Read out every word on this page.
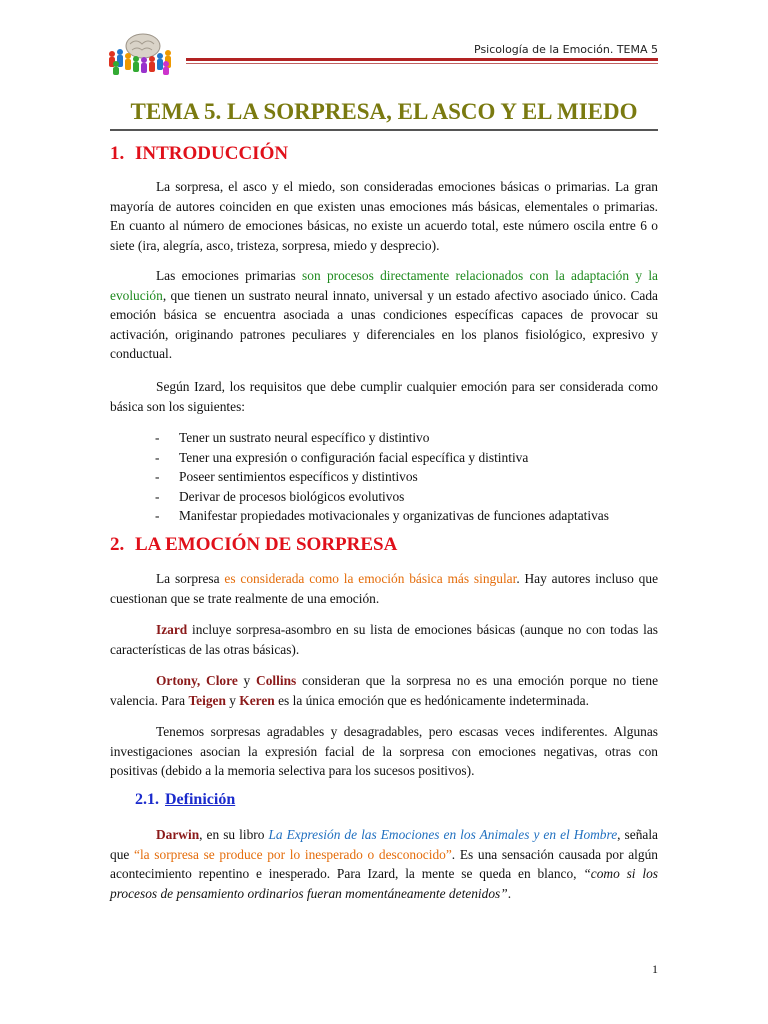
Psicología de la Emoción. TEMA 5
TEMA 5. LA SORPRESA, EL ASCO Y EL MIEDO
1. INTRODUCCIÓN
La sorpresa, el asco y el miedo, son consideradas emociones básicas o primarias. La gran mayoría de autores coinciden en que existen unas emociones más básicas, elementales o primarias. En cuanto al número de emociones básicas, no existe un acuerdo total, este número oscila entre 6 o siete (ira, alegría, asco, tristeza, sorpresa, miedo y desprecio).
Las emociones primarias son procesos directamente relacionados con la adaptación y la evolución, que tienen un sustrato neural innato, universal y un estado afectivo asociado único. Cada emoción básica se encuentra asociada a unas condiciones específicas capaces de provocar su activación, originando patrones peculiares y diferenciales en los planos fisiológico, expresivo y conductual.
Según Izard, los requisitos que debe cumplir cualquier emoción para ser considerada como básica son los siguientes:
- Tener un sustrato neural específico y distintivo
- Tener una expresión o configuración facial específica y distintiva
- Poseer sentimientos específicos y distintivos
- Derivar de procesos biológicos evolutivos
- Manifestar propiedades motivacionales y organizativas de funciones adaptativas
2. LA EMOCIÓN DE SORPRESA
La sorpresa es considerada como la emoción básica más singular. Hay autores incluso que cuestionan que se trate realmente de una emoción.
Izard incluye sorpresa-asombro en su lista de emociones básicas (aunque no con todas las características de las otras básicas).
Ortony, Clore y Collins consideran que la sorpresa no es una emoción porque no tiene valencia. Para Teigen y Keren es la única emoción que es hedónicamente indeterminada.
Tenemos sorpresas agradables y desagradables, pero escasas veces indiferentes. Algunas investigaciones asocian la expresión facial de la sorpresa con emociones negativas, otras con positivas (debido a la memoria selectiva para los sucesos positivos).
2.1. Definición
Darwin, en su libro La Expresión de las Emociones en los Animales y en el Hombre, señala que “la sorpresa se produce por lo inesperado o desconocido”. Es una sensación causada por algún acontecimiento repentino e inesperado. Para Izard, la mente se queda en blanco, “como si los procesos de pensamiento ordinarios fueran momentáneamente detenidos”.
1
